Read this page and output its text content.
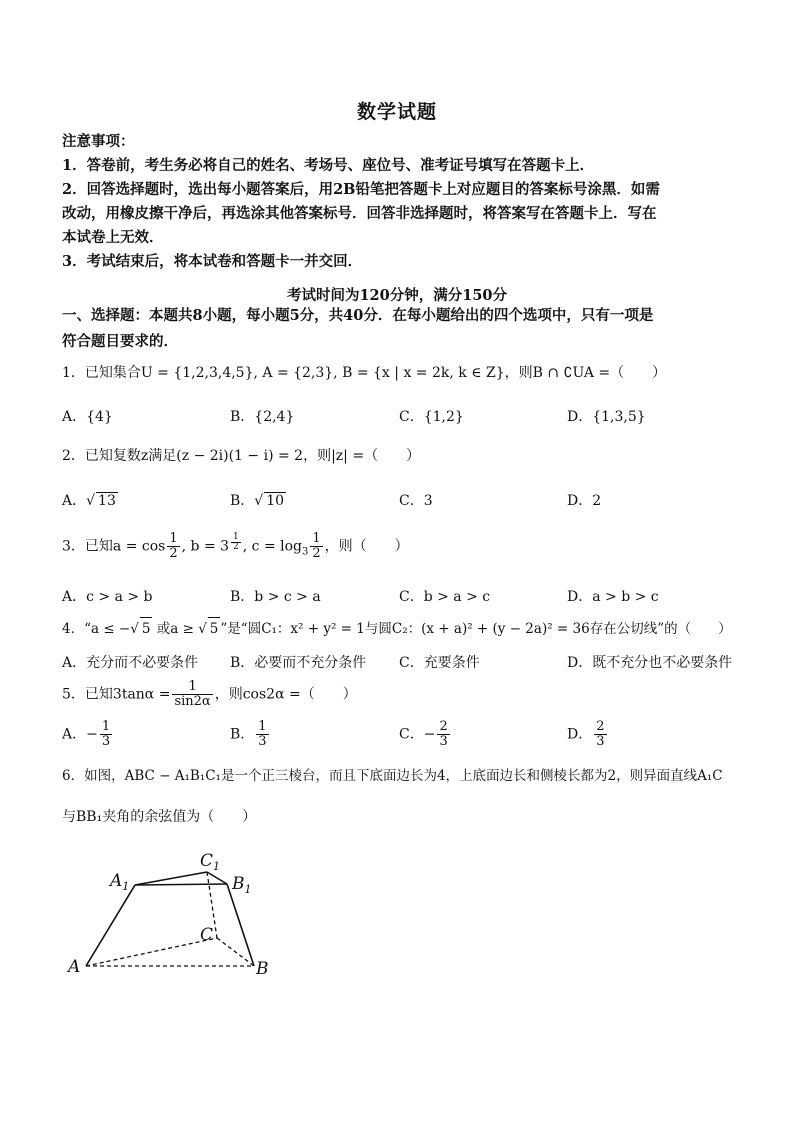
数学试题

注意事项：

1．答卷前，考生务必将自己的姓名、考场号、座位号、准考证号填写在答题卡上．

2．回答选择题时，选出每小题答案后，用2B铅笔把答题卡上对应题目的答案标号涂黑．如需

改动，用橡皮擦干净后，再选涂其他答案标号．回答非选择题时，将答案写在答题卡上．写在

本试卷上无效．

3．考试结束后，将本试卷和答题卡一并交回．

考试时间为120分钟，满分150分
一、选择题：本题共8小题，每小题5分，共40分．在每小题给出的四个选项中，只有一项是
符合题目要求的．
1．已知集合U = {1,2,3,4,5}, A = {2,3}, B = {x | x = 2k, k ∈ Z}，则B ∩ ∁UA =（　　）
A．{4}	B．{2,4}	C．{1,2}	D．{1,3,5}
2．已知复数z满足(z − 2i)(1 − i) = 2，则|z| =（　　）
A．√ 13	B．√ 10	C．3	D．2
3．已知$a = \cos \frac{1}{2}$ , b = 3 $^{\frac{1}{2}}$ , $c = \log_3 \frac{1}{2}$ ，则（　　）
A．c > a > b	B．b > c > a	C．b > a > c	D．a > b > c
4．“a ≤ −√ 5 或a ≥ √ 5 ”是“圆C₁：x² + y² = 1与圆C₂：(x + a)² + (y − 2a)² = 36存在公切线”的（　　）
A．充分而不必要条件 B．必要而不充分条件 C．充要条件	D．既不充分也不必要条件
5．已知$3\tan\alpha = \frac{1}{\sin 2\alpha}$ ，则cos2α =（　　）
A．− $\frac{1}{3}$	B． $\frac{1}{3}$	C．− $\frac{2}{3}$	D． $\frac{2}{3}$
6．如图，ABC − A₁B₁C₁是一个正三棱台，而且下底面边长为4，上底面边长和侧棱长都为2，则异面直线A₁C
与BB₁夹角的余弦值为（　　）
$A_1$
$C_1$
$B_1$
C
A	B
